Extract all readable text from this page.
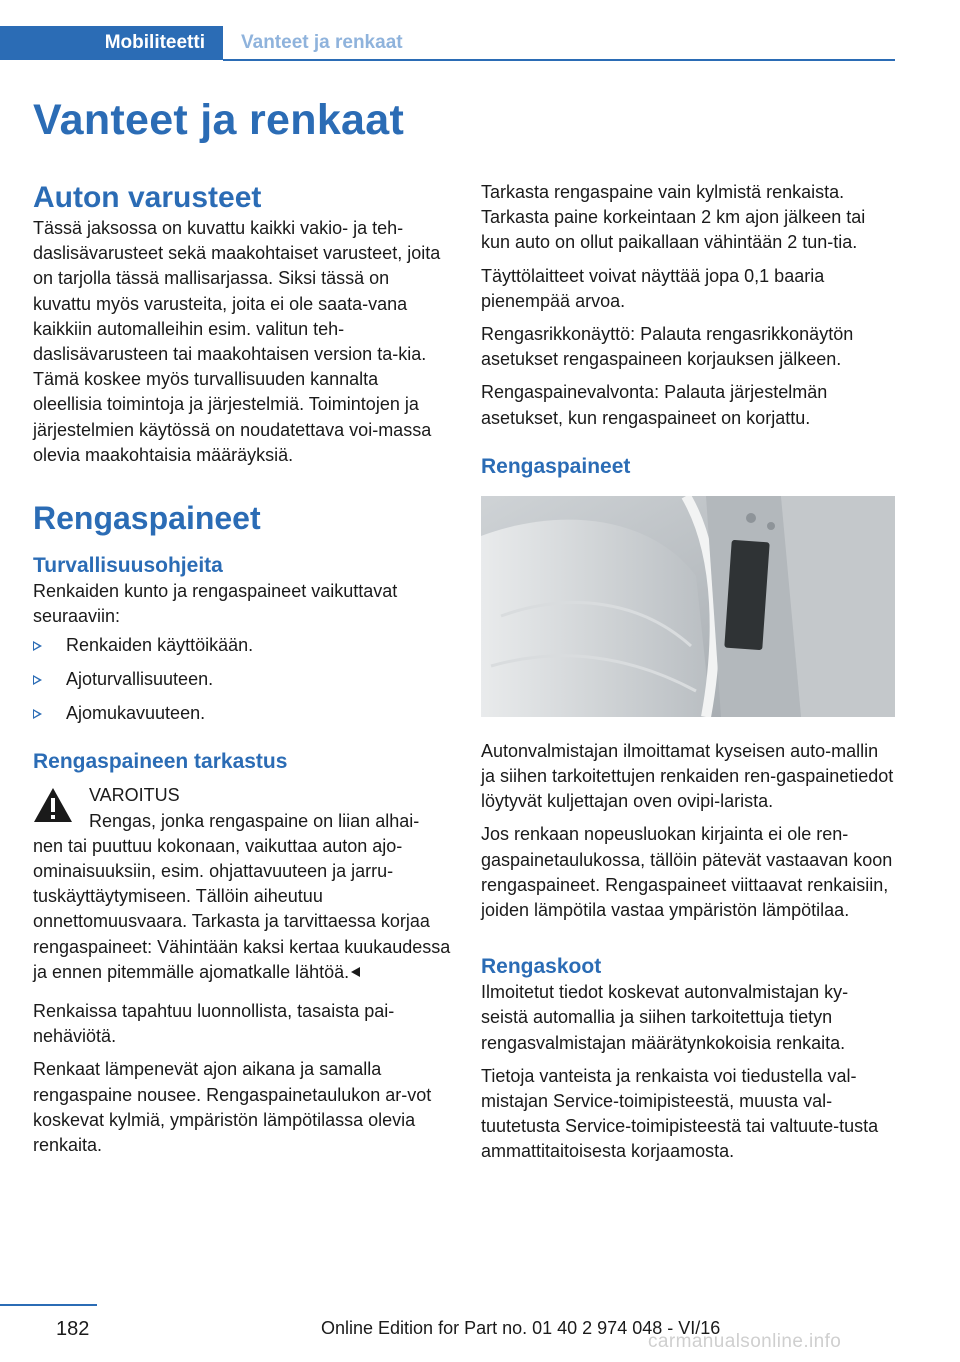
Mobiliteetti	Vanteet ja renkaat
Vanteet ja renkaat
Auton varusteet

Tässä jaksossa on kuvattu kaikki vakio- ja teh‐daslisävarusteet sekä maakohtaiset varusteet, joita on tarjolla tässä mallisarjassa. Siksi tässä on kuvattu myös varusteita, joita ei ole saata‐vana kaikkiin automalleihin esim. valitun teh‐daslisävarusteen tai maakohtaisen version ta‐kia. Tämä koskee myös turvallisuuden kannalta oleellisia toimintoja ja järjestelmiä. Toimintojen ja järjestelmien käytössä on noudatettava voi‐massa olevia maakohtaisia määräyksiä.

Rengaspaineet
Turvallisuusohjeita

Renkaiden kunto ja rengaspaineet vaikuttavat seuraaviin:

Renkaiden käyttöikään.
Ajoturvallisuuteen.
Ajomukavuuteen.
Rengaspaineen tarkastus
VAROITUS
Rengas, jonka rengaspaine on liian alhai‐

nen tai puuttuu kokonaan, vaikuttaa auton ajo‐ominaisuuksiin, esim. ohjattavuuteen ja jarru‐tuskäyttäytymiseen. Tällöin aiheutuu onnettomuusvaara. Tarkasta ja tarvittaessa korjaa rengaspaineet: Vähintään kaksi kertaa kuukaudessa ja ennen pitemmälle ajomatkalle lähtöä.

Renkaissa tapahtuu luonnollista, tasaista pai‐nehäviötä.

Renkaat lämpenevät ajon aikana ja samalla rengaspaine nousee. Rengaspainetaulukon ar‐vot koskevat kylmiä, ympäristön lämpötilassa olevia renkaita.

Tarkasta rengaspaine vain kylmistä renkaista. Tarkasta paine korkeintaan 2 km ajon jälkeen tai kun auto on ollut paikallaan vähintään 2 tun‐tia.

Täyttölaitteet voivat näyttää jopa 0,1 baaria pienempää arvoa.

Rengasrikkonäyttö: Palauta rengasrikkonäytön asetukset rengaspaineen korjauksen jälkeen.

Rengaspainevalvonta: Palauta järjestelmän asetukset, kun rengaspaineet on korjattu.

Rengaspaineet

Autonvalmistajan ilmoittamat kyseisen auto‐mallin ja siihen tarkoitettujen renkaiden ren‐gaspainetiedot löytyvät kuljettajan oven ovipi‐larista.

Jos renkaan nopeusluokan kirjainta ei ole ren‐gaspainetaulukossa, tällöin pätevät vastaavan koon rengaspaineet. Rengaspaineet viittaavat renkaisiin, joiden lämpötila vastaa ympäristön lämpötilaa.

Rengaskoot

Ilmoitetut tiedot koskevat autonvalmistajan ky‐seistä automallia ja siihen tarkoitettuja tietyn rengasvalmistajan määrätynkokoisia renkaita.

Tietoja vanteista ja renkaista voi tiedustella val‐mistajan Service-toimipisteestä, muusta val‐tuutetusta Service-toimipisteestä tai valtuute‐tusta ammattitaitoisesta korjaamosta.

182	Online Edition for Part no. 01 40 2 974 048 - VI/16
carmanualsonline.info
